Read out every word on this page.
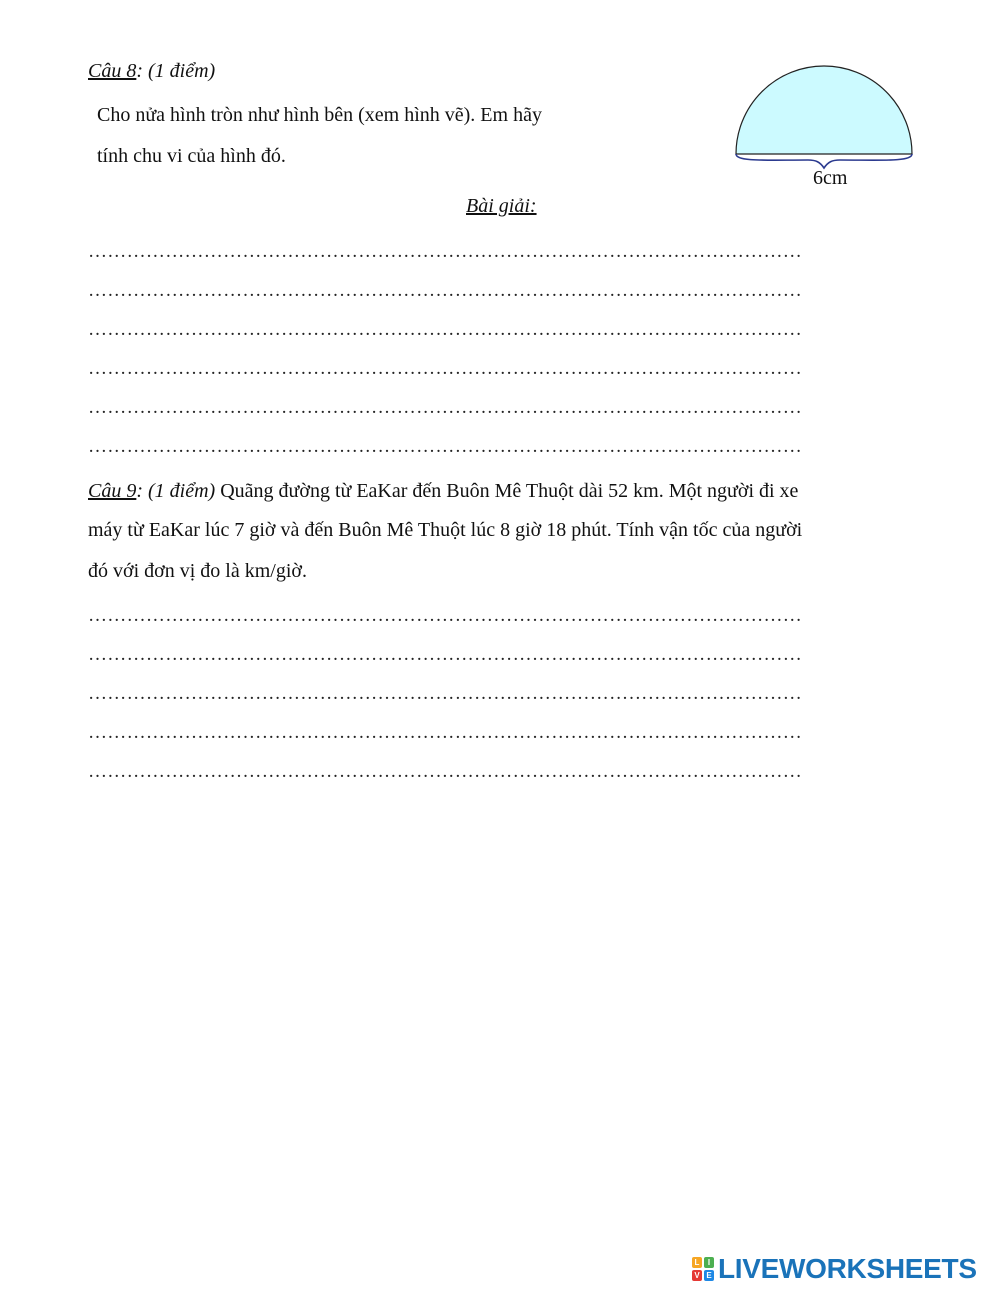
Câu 8: (1 điểm)
Cho nửa hình tròn như hình bên (xem hình vẽ). Em hãy
tính chu vi của hình đó.
6cm
Bài giải:
…………………………………………………………………………………………………
…………………………………………………………………………………………………
…………………………………………………………………………………………………
…………………………………………………………………………………………………
…………………………………………………………………………………………………
…………………………………………………………………………………………………
Câu 9: (1 điểm) Quãng đường từ EaKar đến Buôn Mê Thuột dài 52 km. Một người đi xe
máy từ EaKar lúc 7 giờ và đến Buôn Mê Thuột lúc 8 giờ 18 phút. Tính vận tốc của người
đó với đơn vị đo là km/giờ.
…………………………………………………………………………………………………
…………………………………………………………………………………………………
…………………………………………………………………………………………………
…………………………………………………………………………………………………
…………………………………………………………………………………………………
L	I
V E LIVEWORKSHEETS
